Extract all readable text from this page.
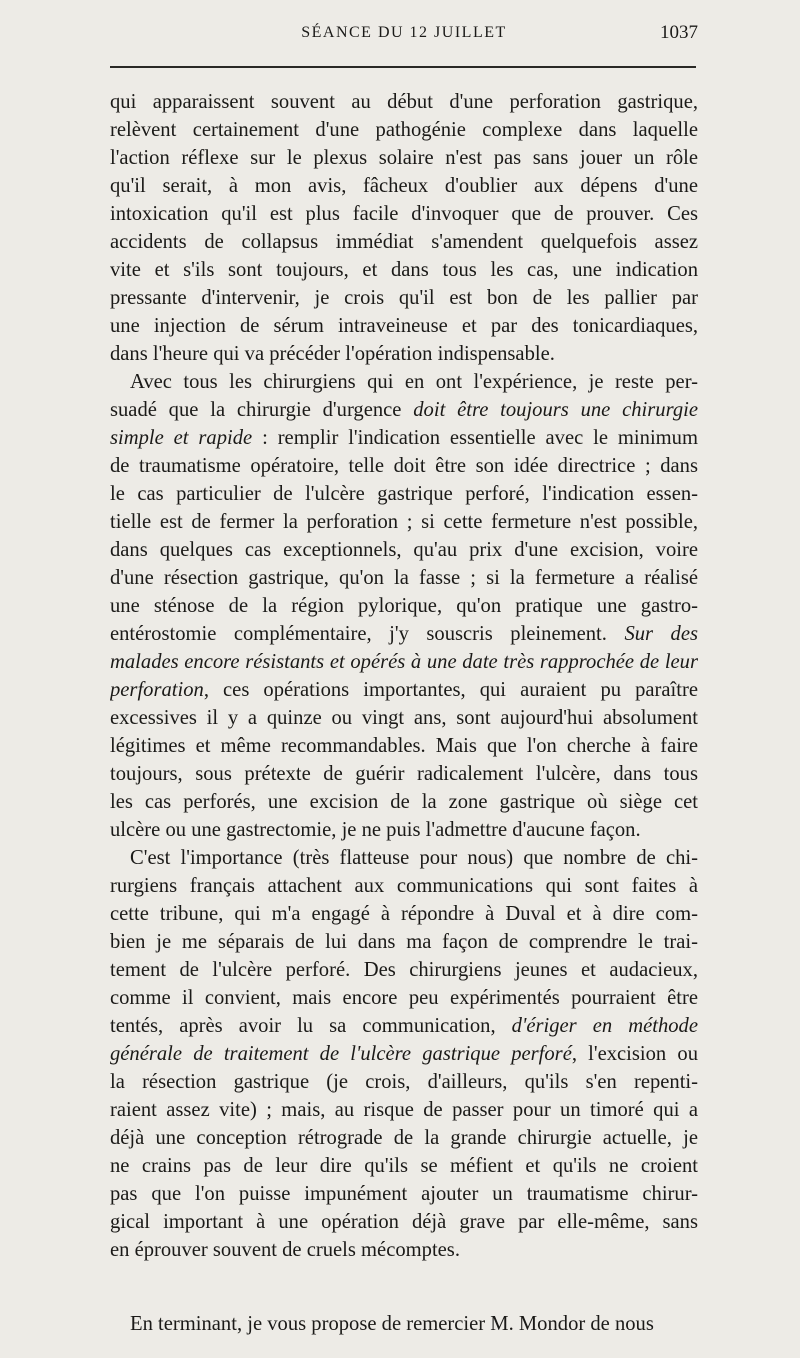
SÉANCE DU 12 JUILLET	1037
qui apparaissent souvent au début d'une perforation gastrique,
relèvent certainement d'une pathogénie complexe dans laquelle
l'action réflexe sur le plexus solaire n'est pas sans jouer un rôle
qu'il serait, à mon avis, fâcheux d'oublier aux dépens d'une
intoxication qu'il est plus facile d'invoquer que de prouver. Ces
accidents de collapsus immédiat s'amendent quelquefois assez
vite et s'ils sont toujours, et dans tous les cas, une indication
pressante d'intervenir, je crois qu'il est bon de les pallier par
une injection de sérum intraveineuse et par des tonicardiaques,
dans l'heure qui va précéder l'opération indispensable.
Avec tous les chirurgiens qui en ont l'expérience, je reste per-
suadé que la chirurgie d'urgence doit être toujours une chirurgie
simple et rapide : remplir l'indication essentielle avec le minimum
de traumatisme opératoire, telle doit être son idée directrice ; dans
le cas particulier de l'ulcère gastrique perforé, l'indication essen-
tielle est de fermer la perforation ; si cette fermeture n'est possible,
dans quelques cas exceptionnels, qu'au prix d'une excision, voire
d'une résection gastrique, qu'on la fasse ; si la fermeture a réalisé
une sténose de la région pylorique, qu'on pratique une gastro-
entérostomie complémentaire, j'y souscris pleinement. Sur des
malades encore résistants et opérés à une date très rapprochée de leur
perforation, ces opérations importantes, qui auraient pu paraître
excessives il y a quinze ou vingt ans, sont aujourd'hui absolument
légitimes et même recommandables. Mais que l'on cherche à faire
toujours, sous prétexte de guérir radicalement l'ulcère, dans tous
les cas perforés, une excision de la zone gastrique où siège cet
ulcère ou une gastrectomie, je ne puis l'admettre d'aucune façon.
C'est l'importance (très flatteuse pour nous) que nombre de chi-
rurgiens français attachent aux communications qui sont faites à
cette tribune, qui m'a engagé à répondre à Duval et à dire com-
bien je me séparais de lui dans ma façon de comprendre le trai-
tement de l'ulcère perforé. Des chirurgiens jeunes et audacieux,
comme il convient, mais encore peu expérimentés pourraient être
tentés, après avoir lu sa communication, d'ériger en méthode
générale de traitement de l'ulcère gastrique perforé, l'excision ou
la résection gastrique (je crois, d'ailleurs, qu'ils s'en repenti-
raient assez vite) ; mais, au risque de passer pour un timoré qui a
déjà une conception rétrograde de la grande chirurgie actuelle, je
ne crains pas de leur dire qu'ils se méfient et qu'ils ne croient
pas que l'on puisse impunément ajouter un traumatisme chirur-
gical important à une opération déjà grave par elle-même, sans
en éprouver souvent de cruels mécomptes.
En terminant, je vous propose de remercier M. Mondor de nous
